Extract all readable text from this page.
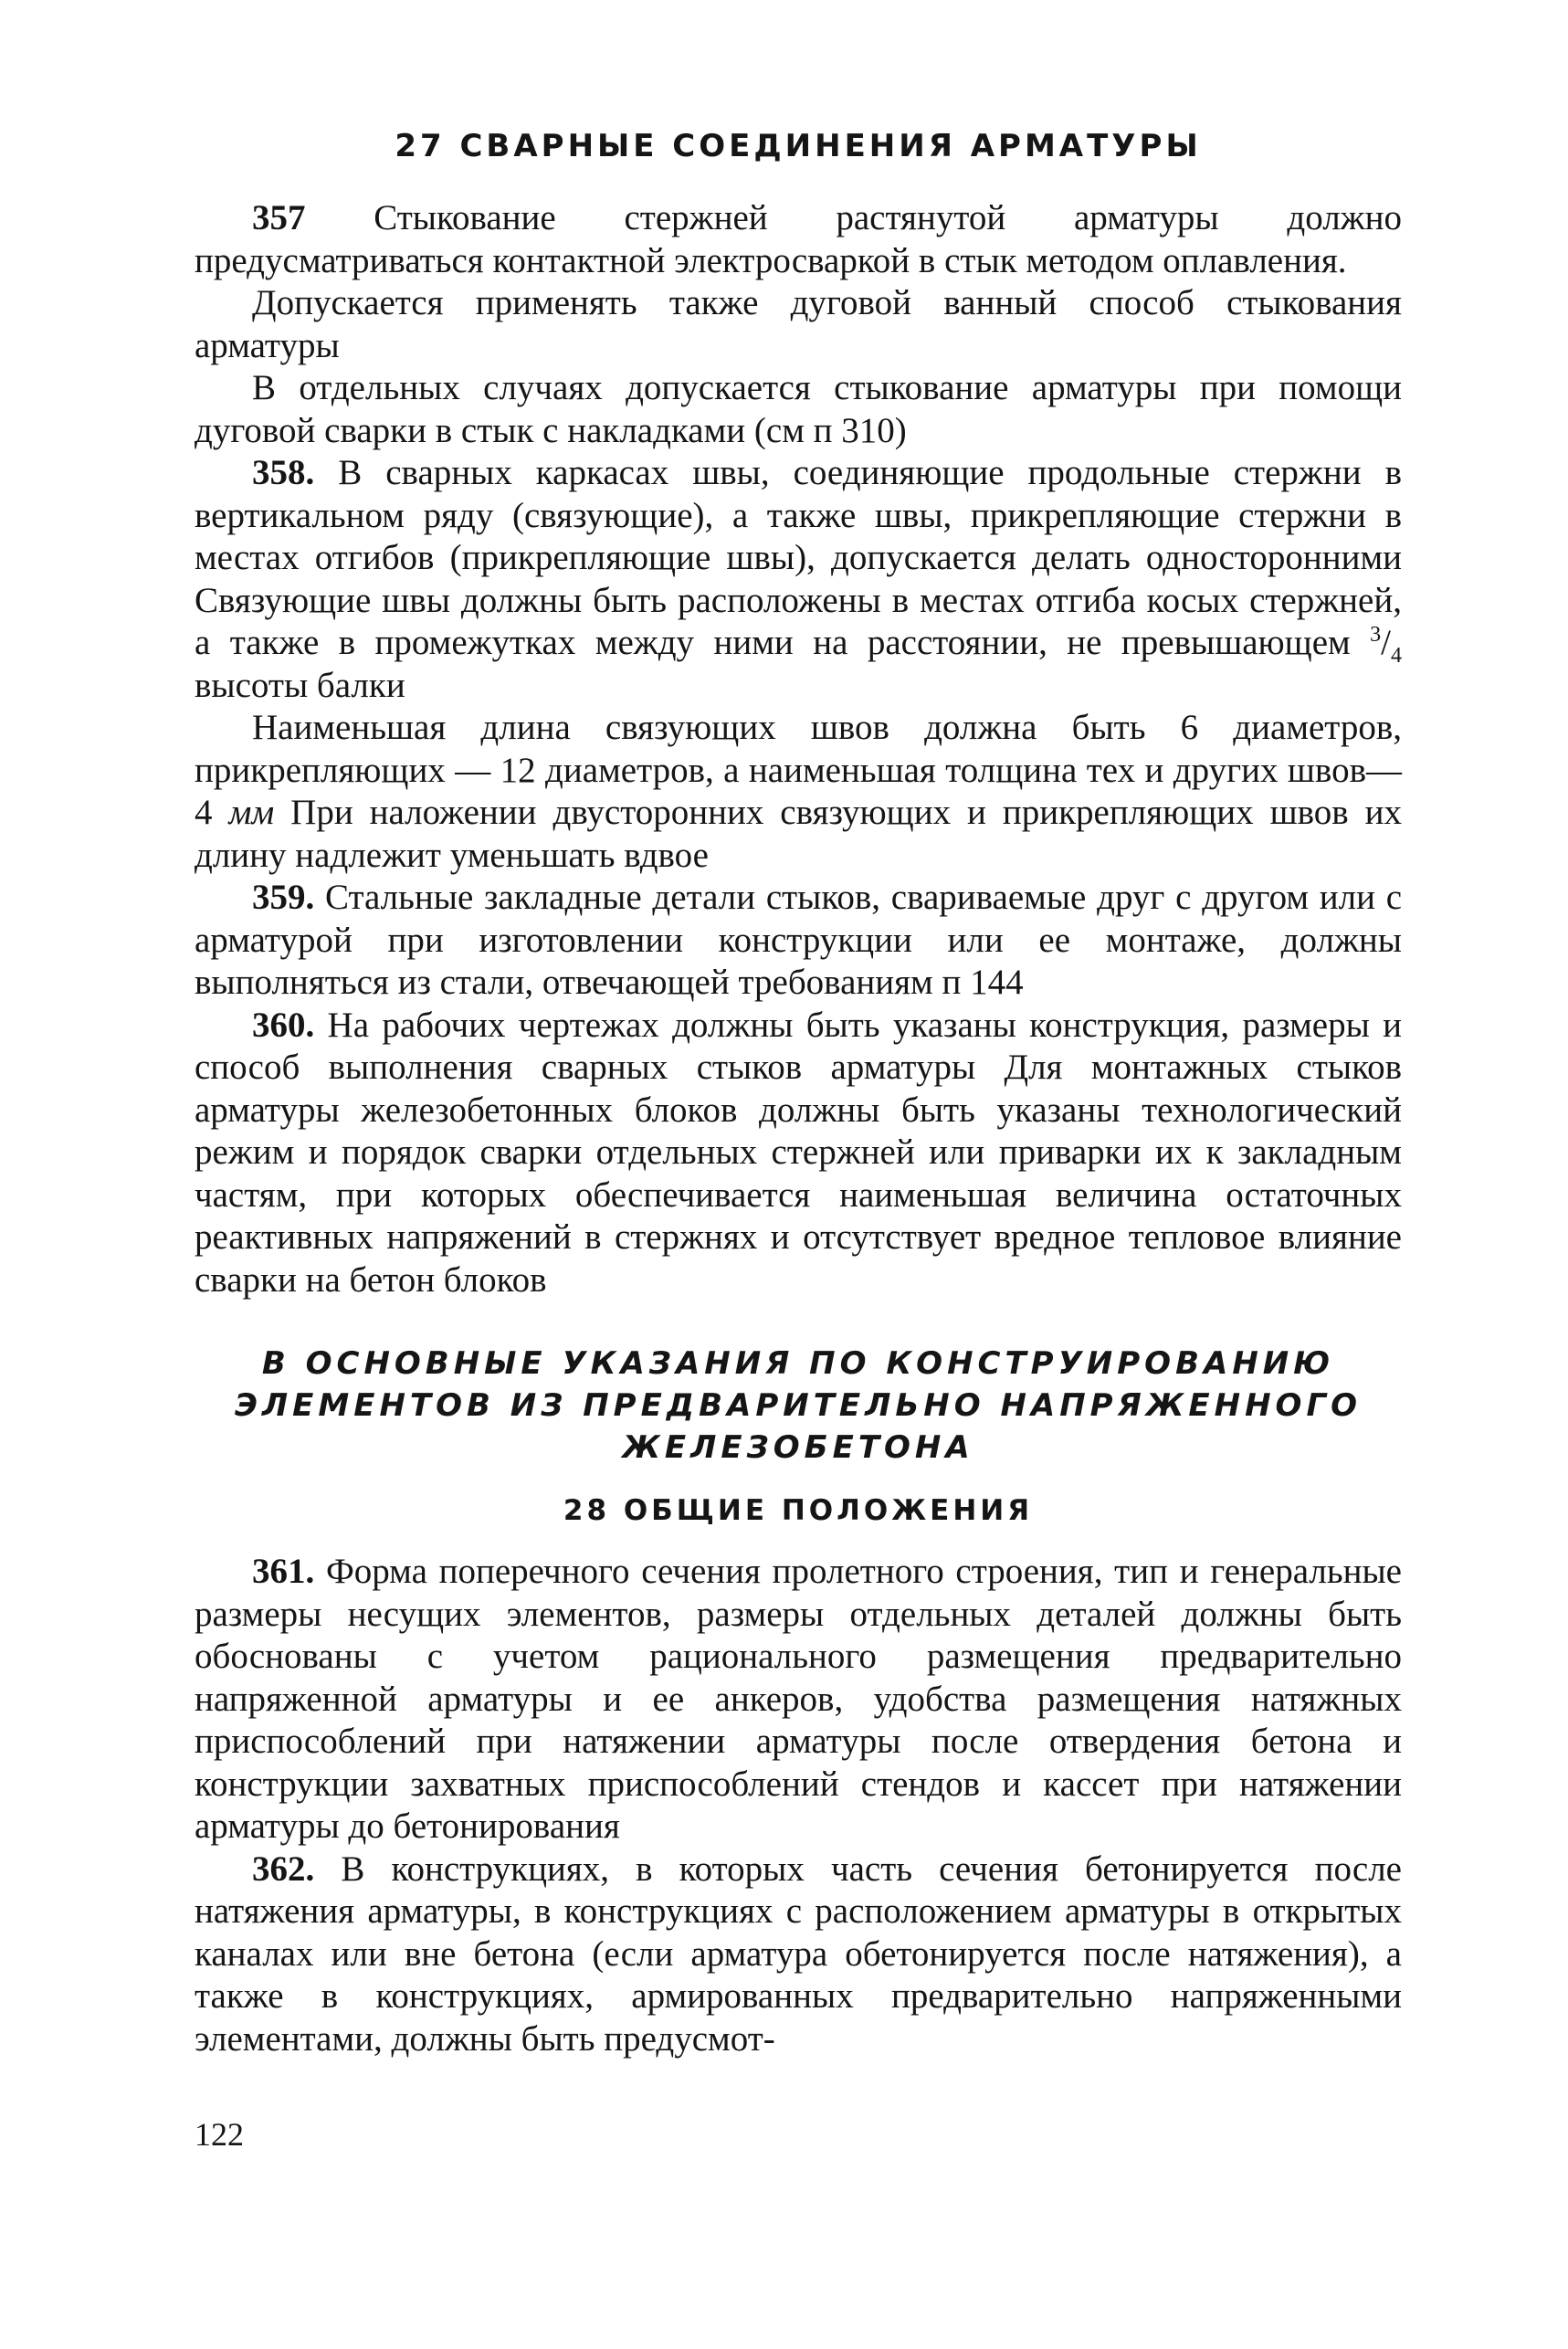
27 СВАРНЫЕ СОЕДИНЕНИЯ АРМАТУРЫ

357 Стыкование стержней растянутой арматуры должно предусматриваться контактной электросваркой в стык методом оплавления.

Допускается применять также дуговой ванный способ стыкования арматуры

В отдельных случаях допускается стыкование арматуры при помощи дуговой сварки в стык с накладками (см п 310)

358. В сварных каркасах швы, соединяющие продольные стержни в вертикальном ряду (связующие), а также швы, прикрепляющие стержни в местах отгибов (прикрепляющие швы), допускается делать односторонними Связующие швы должны быть расположены в местах отгиба косых стержней, а также в промежутках между ними на расстоянии, не превышающем $^3/_4$ высоты балки

Наименьшая длина связующих швов должна быть 6 диаметров, прикрепляющих — 12 диаметров, а наименьшая толщина тех и других швов—4 мм При наложении двусторонних связующих и прикрепляющих швов их длину надлежит уменьшать вдвое

359. Стальные закладные детали стыков, свариваемые друг с другом или с арматурой при изготовлении конструкции или ее монтаже, должны выполняться из стали, отвечающей требованиям п 144

360. На рабочих чертежах должны быть указаны конструкция, размеры и способ выполнения сварных стыков арматуры Для монтажных стыков арматуры железобетонных блоков должны быть указаны технологический режим и порядок сварки отдельных стержней или приварки их к закладным частям, при которых обеспечивается наименьшая величина остаточных реактивных напряжений в стержнях и отсутствует вредное тепловое влияние сварки на бетон блоков

В ОСНОВНЫЕ УКАЗАНИЯ ПО КОНСТРУИРОВАНИЮ
ЭЛЕМЕНТОВ ИЗ ПРЕДВАРИТЕЛЬНО НАПРЯЖЕННОГО
ЖЕЛЕЗОБЕТОНА
28 ОБЩИЕ ПОЛОЖЕНИЯ

361. Форма поперечного сечения пролетного строения, тип и генеральные размеры несущих элементов, размеры отдельных деталей должны быть обоснованы с учетом рационального размещения предварительно напряженной арматуры и ее анкеров, удобства размещения натяжных приспособлений при натяжении арматуры после отвердения бетона и конструкции захватных приспособлений стендов и кассет при натяжении арматуры до бетонирования

362. В конструкциях, в которых часть сечения бетонируется после натяжения арматуры, в конструкциях с расположением арматуры в открытых каналах или вне бетона (если арматура обетонируется после натяжения), а также в конструкциях, армированных предварительно напряженными элементами, должны быть предусмот-

122
